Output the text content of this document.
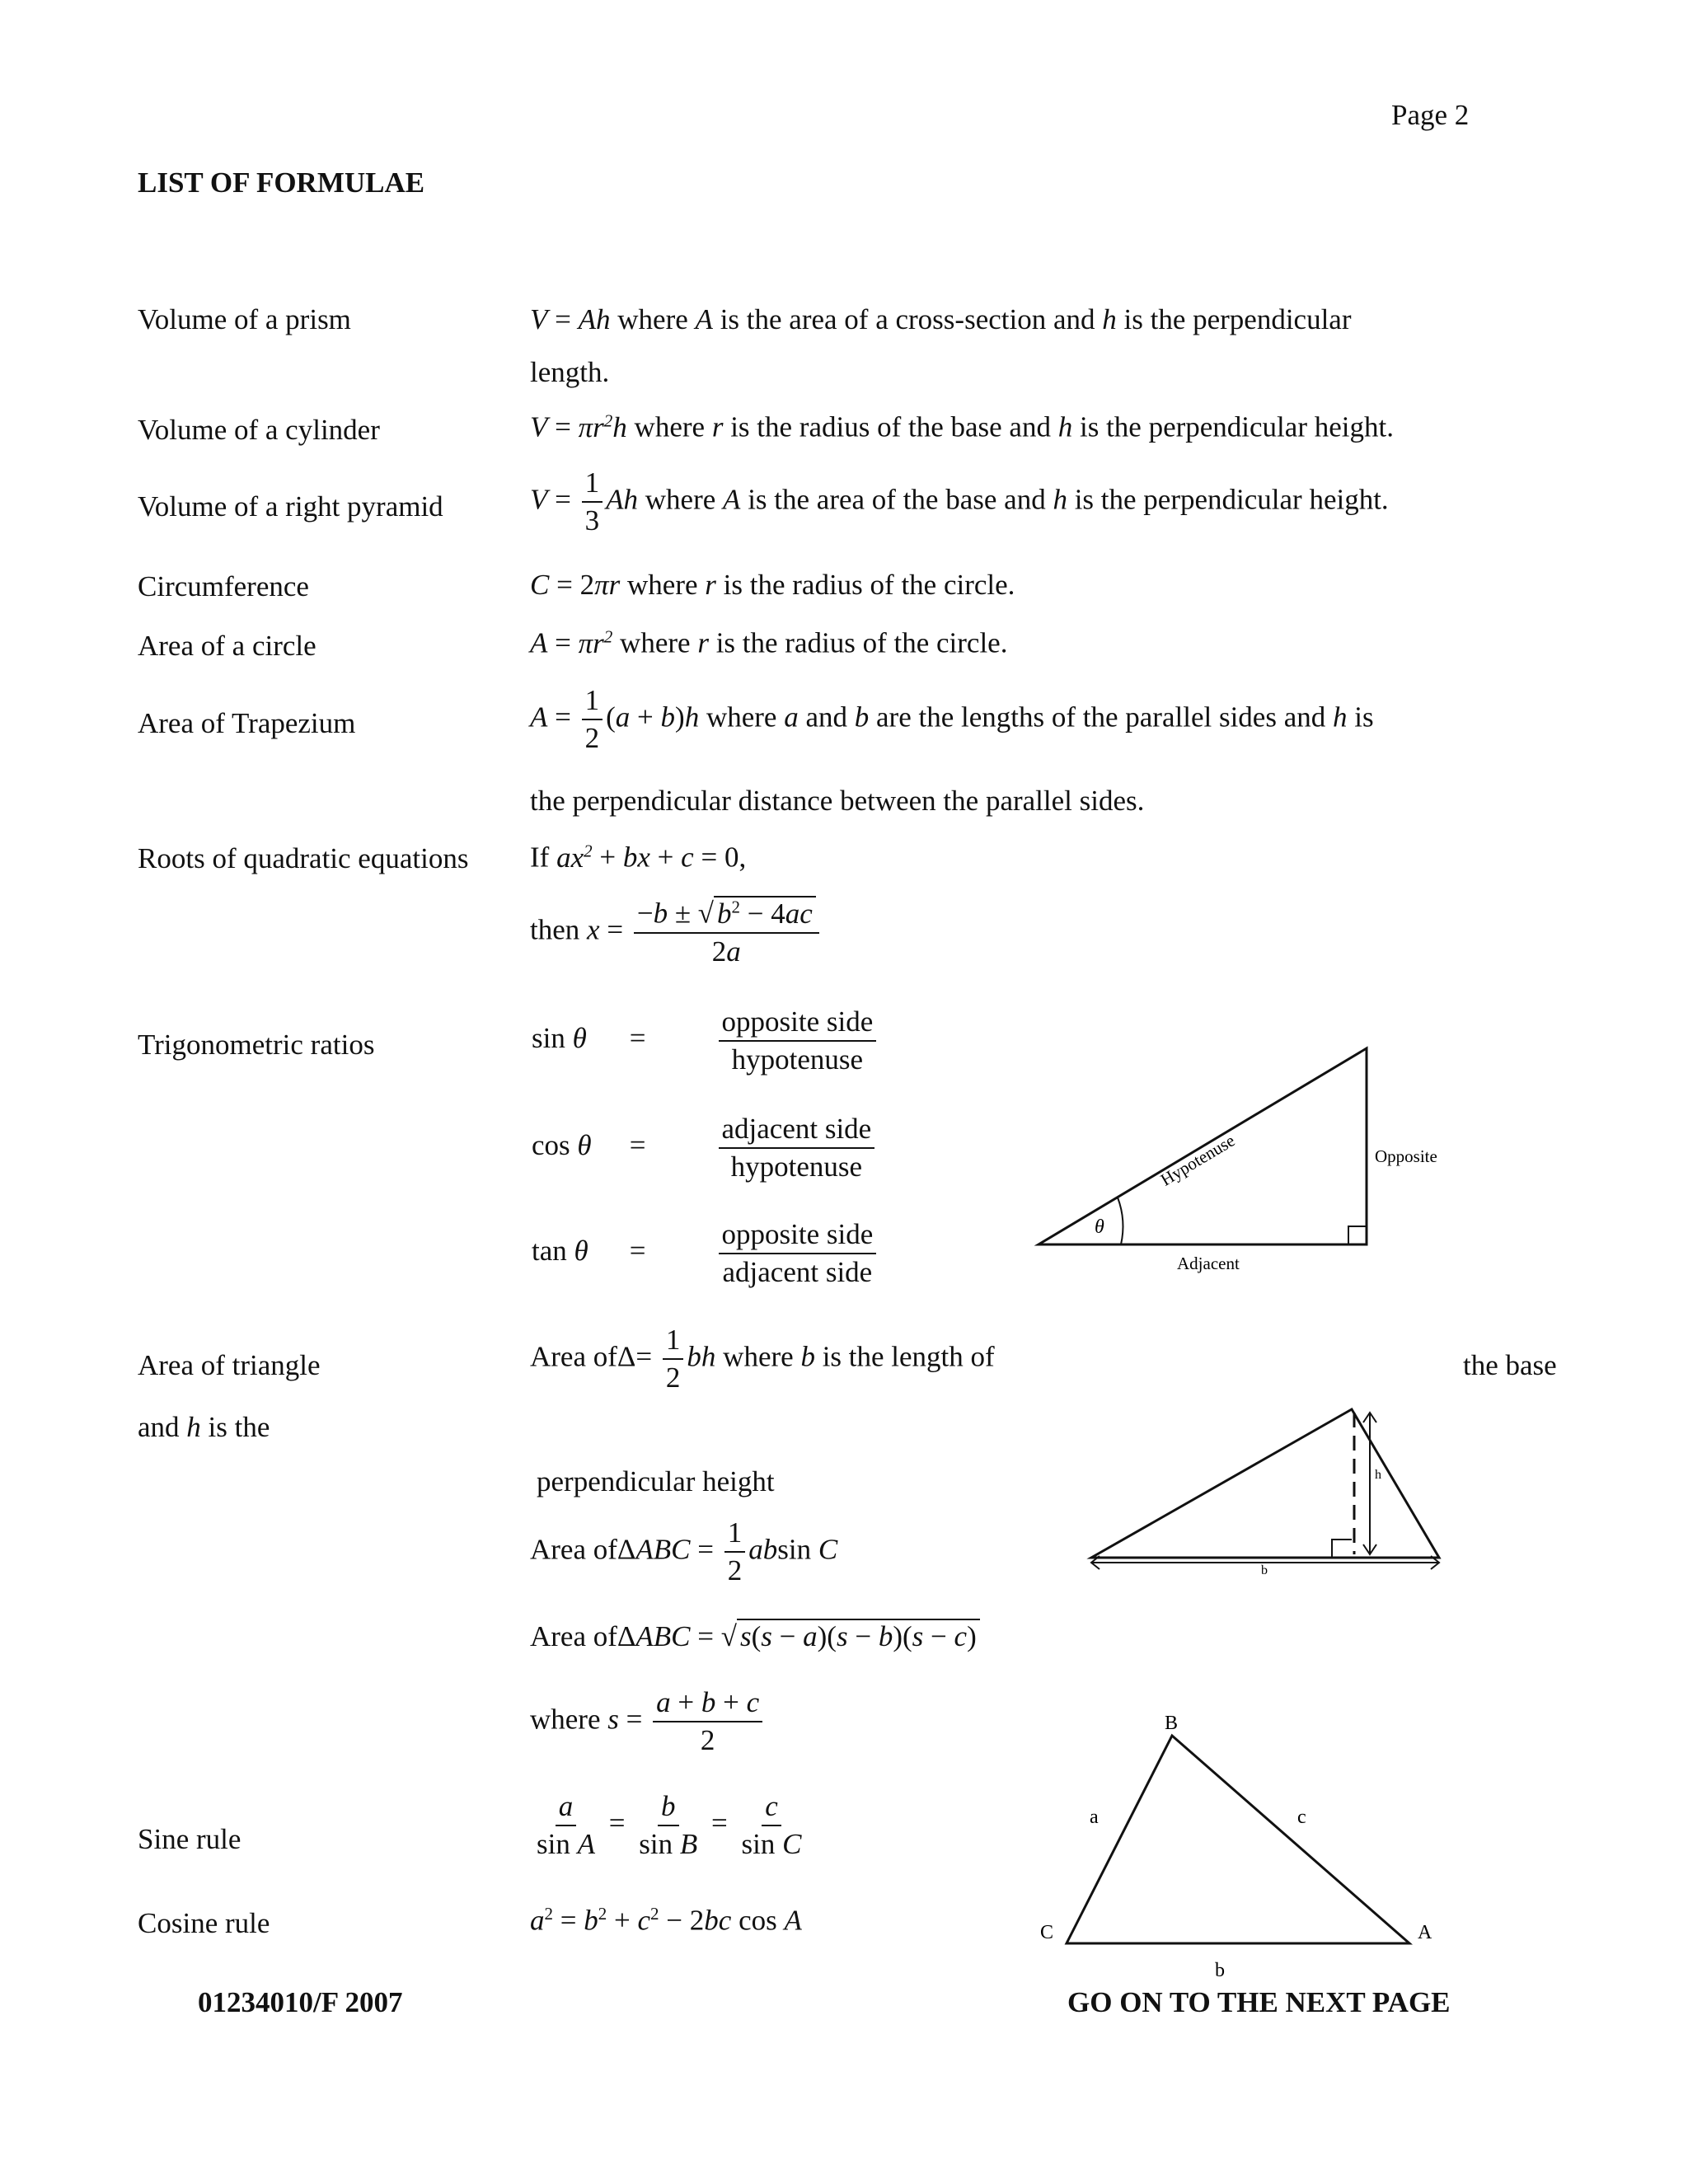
Page 2
LIST OF FORMULAE
Volume of a prism	V = Ah where A is the area of a cross-section and h is the perpendicular
length.
Volume of a cylinder	$V = \pi r^2h$ where r is the radius of the base and h is the perpendicular height.
Volume of a right pyramid	$V = \frac{1}{3}$ Ah where A is the area of the base and h is the perpendicular height.
Circumference	C = 2πr where r is the radius of the circle.
Area of a circle	$A = \pi r^2$ where r is the radius of the circle.
Area of Trapezium	$A = \frac{1}{2} (a + b)h$ where a and b are the lengths of the parallel sides and h is
the perpendicular distance between the parallel sides.
Roots of quadratic equations If $ax^2$ + bx + c = 0,
then $x = \frac{-b \pm √ b^2 - 4ac}{2a}$
Trigonometric ratios	sin θ =	$\frac{\text{opposite side}}{\text{hypotenuse}}$
cos θ =	$\frac{\text{adjacent side}}{\text{hypotenuse}}$
tan θ =	$\frac{\text{opposite side}}{\text{adjacent side}}$	θ
Hypotenuse	Opposite
Adjacent
Area of triangle	Area $of\Delta= \frac{1}{2}$ bh where b is the length of	the base
and h is the
perpendicular height
Area $of\Delta ABC = \frac{1}{2}$ absin C
Area ofΔABC = √ s(s − a)(s − b)(s − c)
where $s = \frac{a + b + c}{2}$
h
b
Sine rule	$\frac{a}{\text{sin A}} = \frac{b}{\text{sin B}} = \frac{c}{\text{sin C}}$
Cosine rule	$a^2 = b^2 + c^2 - 2bc$ cos A
B
C	A
a	c
b
01234010/F 2007	GO ON TO THE NEXT PAGE
